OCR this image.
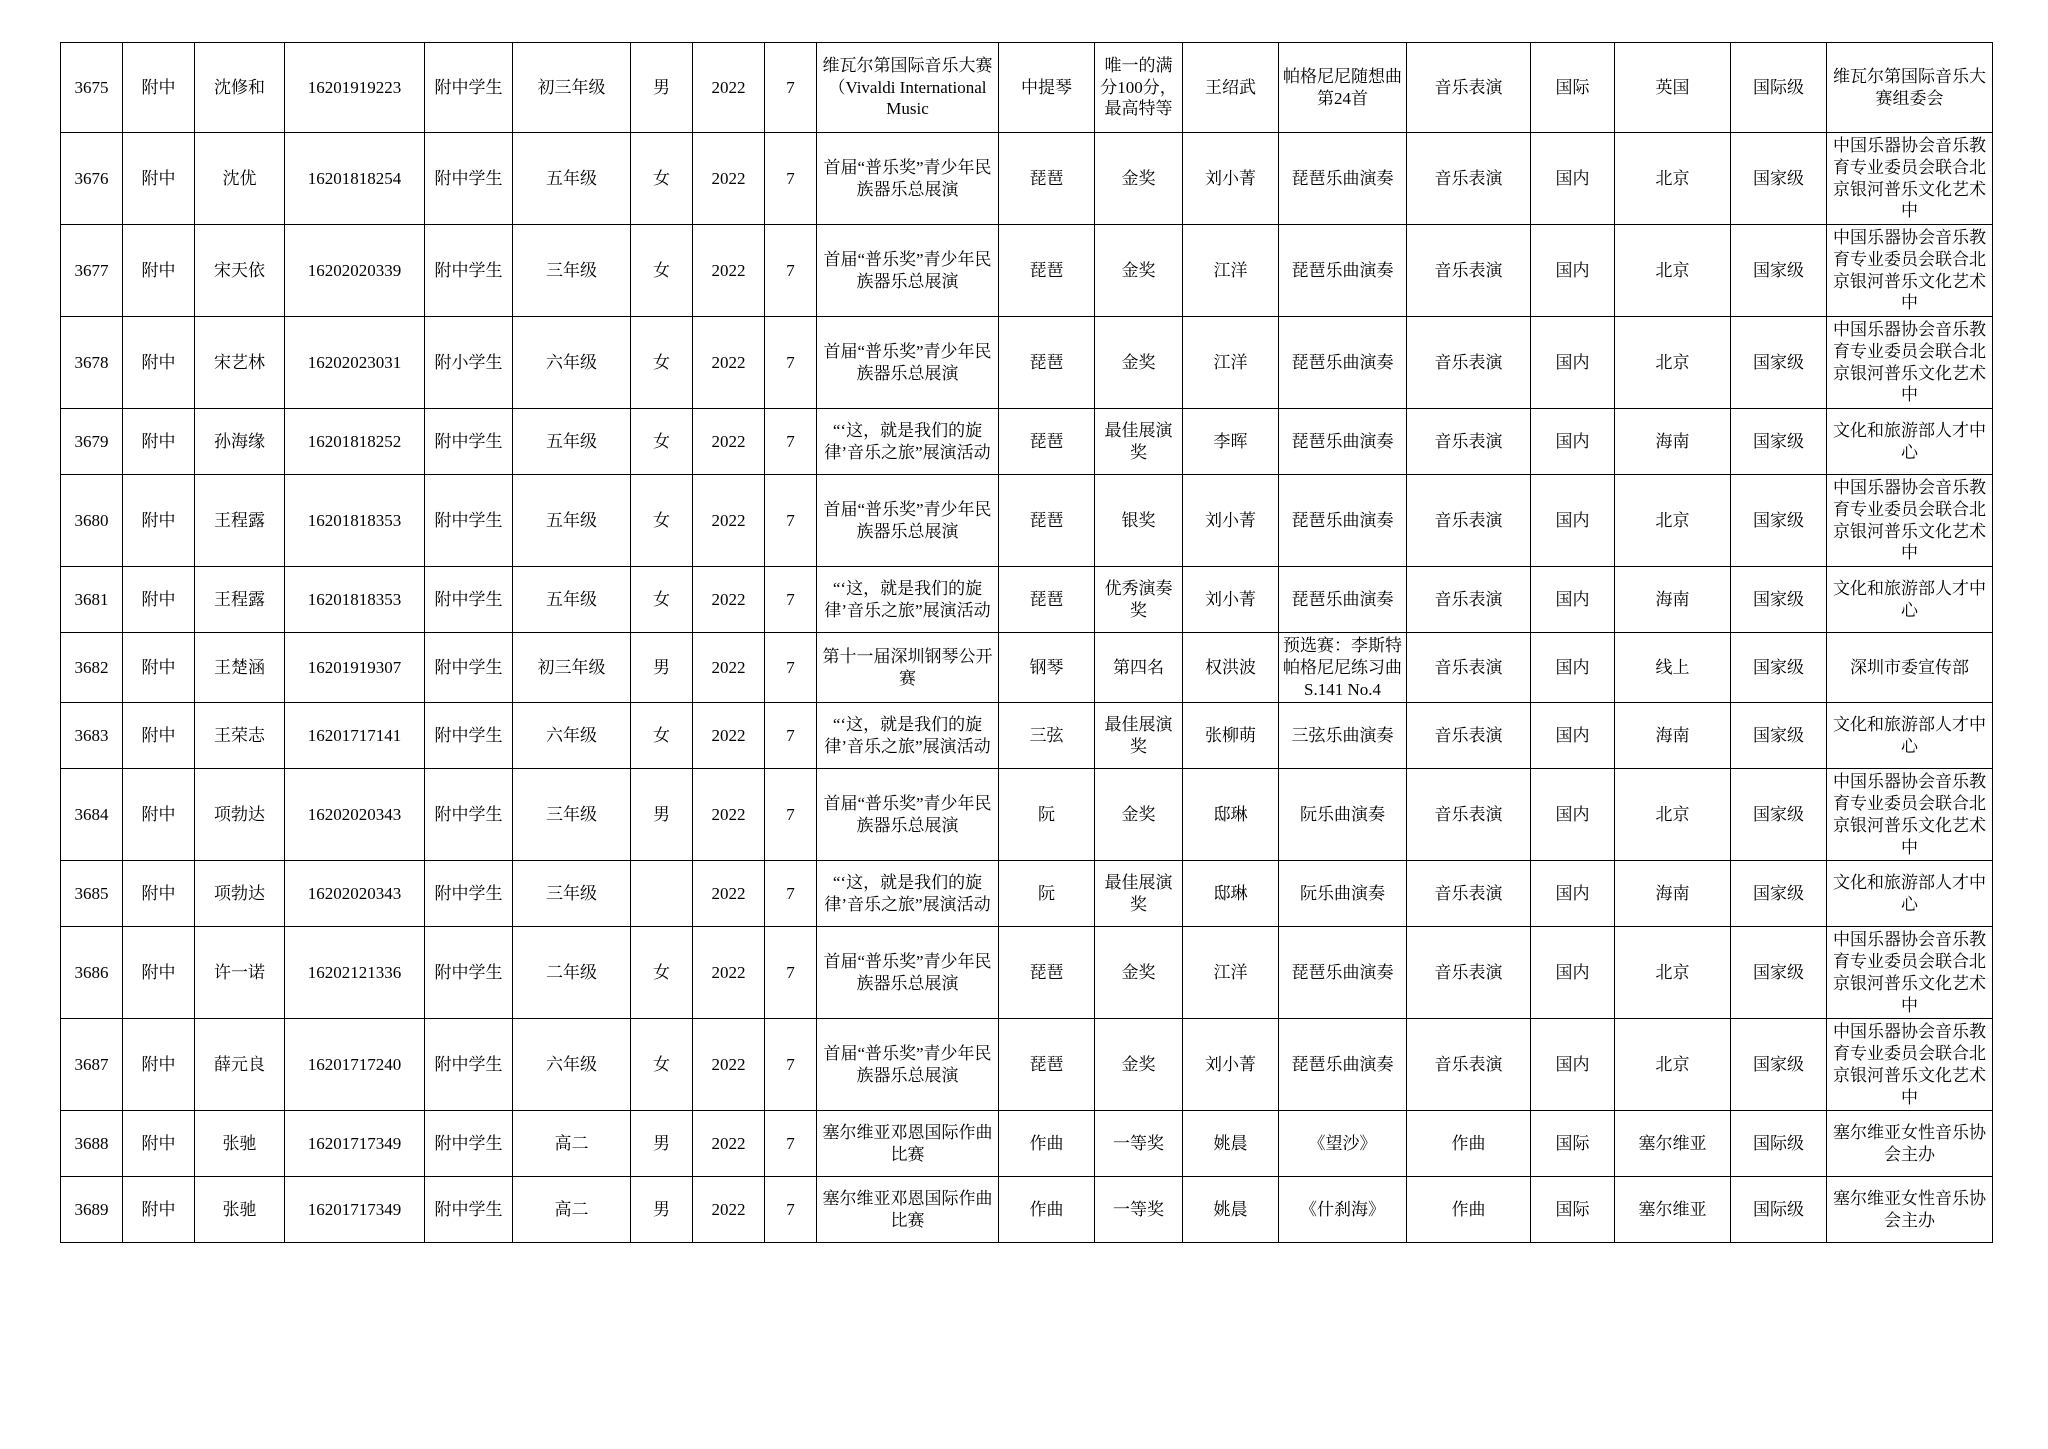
3675	附中	沈修和	16201919223	附中学生	初三年级	男	2022	7	维瓦尔第国际音乐大赛（Vivaldi International Music	中提琴	唯一的满分100分，最高特等	王绍武	帕格尼尼随想曲第24首	音乐表演	国际	英国	国际级	维瓦尔第国际音乐大赛组委会
3676	附中	沈优	16201818254	附中学生	五年级	女	2022	7	首届“普乐奖”青少年民族器乐总展演	琵琶	金奖	刘小菁	琵琶乐曲演奏	音乐表演	国内	北京	国家级	中国乐器协会音乐教育专业委员会联合北京银河普乐文化艺术中
3677	附中	宋天依	16202020339	附中学生	三年级	女	2022	7	首届“普乐奖”青少年民族器乐总展演	琵琶	金奖	江洋	琵琶乐曲演奏	音乐表演	国内	北京	国家级	中国乐器协会音乐教育专业委员会联合北京银河普乐文化艺术中
3678	附中	宋艺林	16202023031	附小学生	六年级	女	2022	7	首届“普乐奖”青少年民族器乐总展演	琵琶	金奖	江洋	琵琶乐曲演奏	音乐表演	国内	北京	国家级	中国乐器协会音乐教育专业委员会联合北京银河普乐文化艺术中
3679	附中	孙海缘	16201818252	附中学生	五年级	女	2022	7	“‘这，就是我们的旋律’音乐之旅”展演活动	琵琶	最佳展演奖	李晖	琵琶乐曲演奏	音乐表演	国内	海南	国家级	文化和旅游部人才中心
3680	附中	王程露	16201818353	附中学生	五年级	女	2022	7	首届“普乐奖”青少年民族器乐总展演	琵琶	银奖	刘小菁	琵琶乐曲演奏	音乐表演	国内	北京	国家级	中国乐器协会音乐教育专业委员会联合北京银河普乐文化艺术中
3681	附中	王程露	16201818353	附中学生	五年级	女	2022	7	“‘这，就是我们的旋律’音乐之旅”展演活动	琵琶	优秀演奏奖	刘小菁	琵琶乐曲演奏	音乐表演	国内	海南	国家级	文化和旅游部人才中心
3682	附中	王楚涵	16201919307	附中学生	初三年级	男	2022	7	第十一届深圳钢琴公开赛	钢琴	第四名	权洪波	预选赛：李斯特 帕格尼尼练习曲S.141 No.4	音乐表演	国内	线上	国家级	深圳市委宣传部
3683	附中	王荣志	16201717141	附中学生	六年级	女	2022	7	“‘这，就是我们的旋律’音乐之旅”展演活动	三弦	最佳展演奖	张柳萌	三弦乐曲演奏	音乐表演	国内	海南	国家级	文化和旅游部人才中心
3684	附中	项勃达	16202020343	附中学生	三年级	男	2022	7	首届“普乐奖”青少年民族器乐总展演	阮	金奖	邸琳	阮乐曲演奏	音乐表演	国内	北京	国家级	中国乐器协会音乐教育专业委员会联合北京银河普乐文化艺术中
3685	附中	项勃达	16202020343	附中学生	三年级		2022	7	“‘这，就是我们的旋律’音乐之旅”展演活动	阮	最佳展演奖	邸琳	阮乐曲演奏	音乐表演	国内	海南	国家级	文化和旅游部人才中心
3686	附中	许一诺	16202121336	附中学生	二年级	女	2022	7	首届“普乐奖”青少年民族器乐总展演	琵琶	金奖	江洋	琵琶乐曲演奏	音乐表演	国内	北京	国家级	中国乐器协会音乐教育专业委员会联合北京银河普乐文化艺术中
3687	附中	薛元良	16201717240	附中学生	六年级	女	2022	7	首届“普乐奖”青少年民族器乐总展演	琵琶	金奖	刘小菁	琵琶乐曲演奏	音乐表演	国内	北京	国家级	中国乐器协会音乐教育专业委员会联合北京银河普乐文化艺术中
3688	附中	张驰	16201717349	附中学生	高二	男	2022	7	塞尔维亚邓恩国际作曲比赛	作曲	一等奖	姚晨	《望沙》	作曲	国际	塞尔维亚	国际级	塞尔维亚女性音乐协会主办
3689	附中	张驰	16201717349	附中学生	高二	男	2022	7	塞尔维亚邓恩国际作曲比赛	作曲	一等奖	姚晨	《什刹海》	作曲	国际	塞尔维亚	国际级	塞尔维亚女性音乐协会主办
